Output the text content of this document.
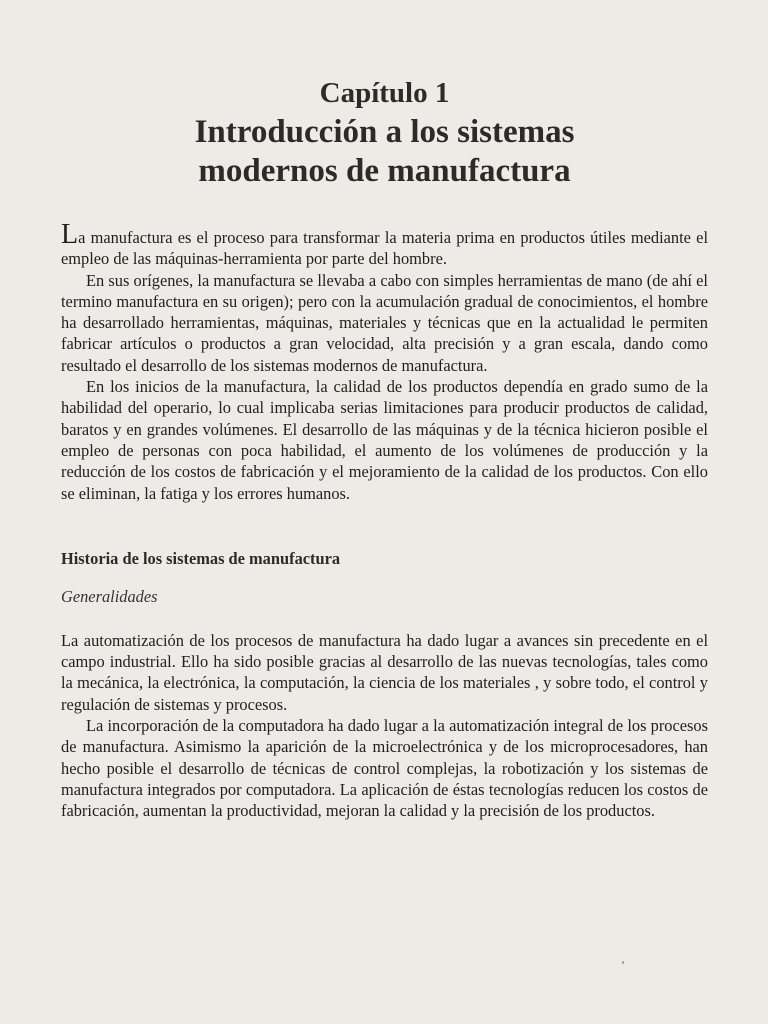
Capítulo 1
Introducción a los sistemas
modernos de manufactura

La manufactura es el proceso para transformar la materia prima en productos útiles mediante el empleo de las máquinas-herramienta por parte del hombre.

En sus orígenes, la manufactura se llevaba a cabo con simples herramientas de mano (de ahí el termino manufactura en su origen); pero con la acumulación gradual de conocimientos, el hombre ha desarrollado herramientas, máquinas, materiales y técnicas que en la actualidad le permiten fabricar artículos o productos a gran velocidad, alta precisión y a gran escala, dando como resultado el desarrollo de los sistemas modernos de manufactura.

En los inicios de la manufactura, la calidad de los productos dependía en grado sumo de la habilidad del operario, lo cual implicaba serias limitaciones para producir productos de calidad, baratos y en grandes volúmenes. El desarrollo de las máquinas y de la técnica hicieron posible el empleo de personas con poca habilidad, el aumento de los volúmenes de producción y la reducción de los costos de fabricación y el mejoramiento de la calidad de los productos. Con ello se eliminan, la fatiga y los errores humanos.

Historia de los sistemas de manufactura
Generalidades

La automatización de los procesos de manufactura ha dado lugar a avances sin precedente en el campo industrial. Ello ha sido posible gracias al desarrollo de las nuevas tecnologías, tales como la mecánica, la electrónica, la computación, la ciencia de los materiales , y sobre todo, el control y regulación de sistemas y procesos.

La incorporación de la computadora ha dado lugar a la automatización integral de los procesos de manufactura. Asimismo la aparición de la microelectrónica y de los microprocesadores, han hecho posible el desarrollo de técnicas de control complejas, la robotización y los sistemas de manufactura integrados por computadora. La aplicación de éstas tecnologías reducen los costos de fabricación, aumentan la productividad, mejoran la calidad y la precisión de los productos.
